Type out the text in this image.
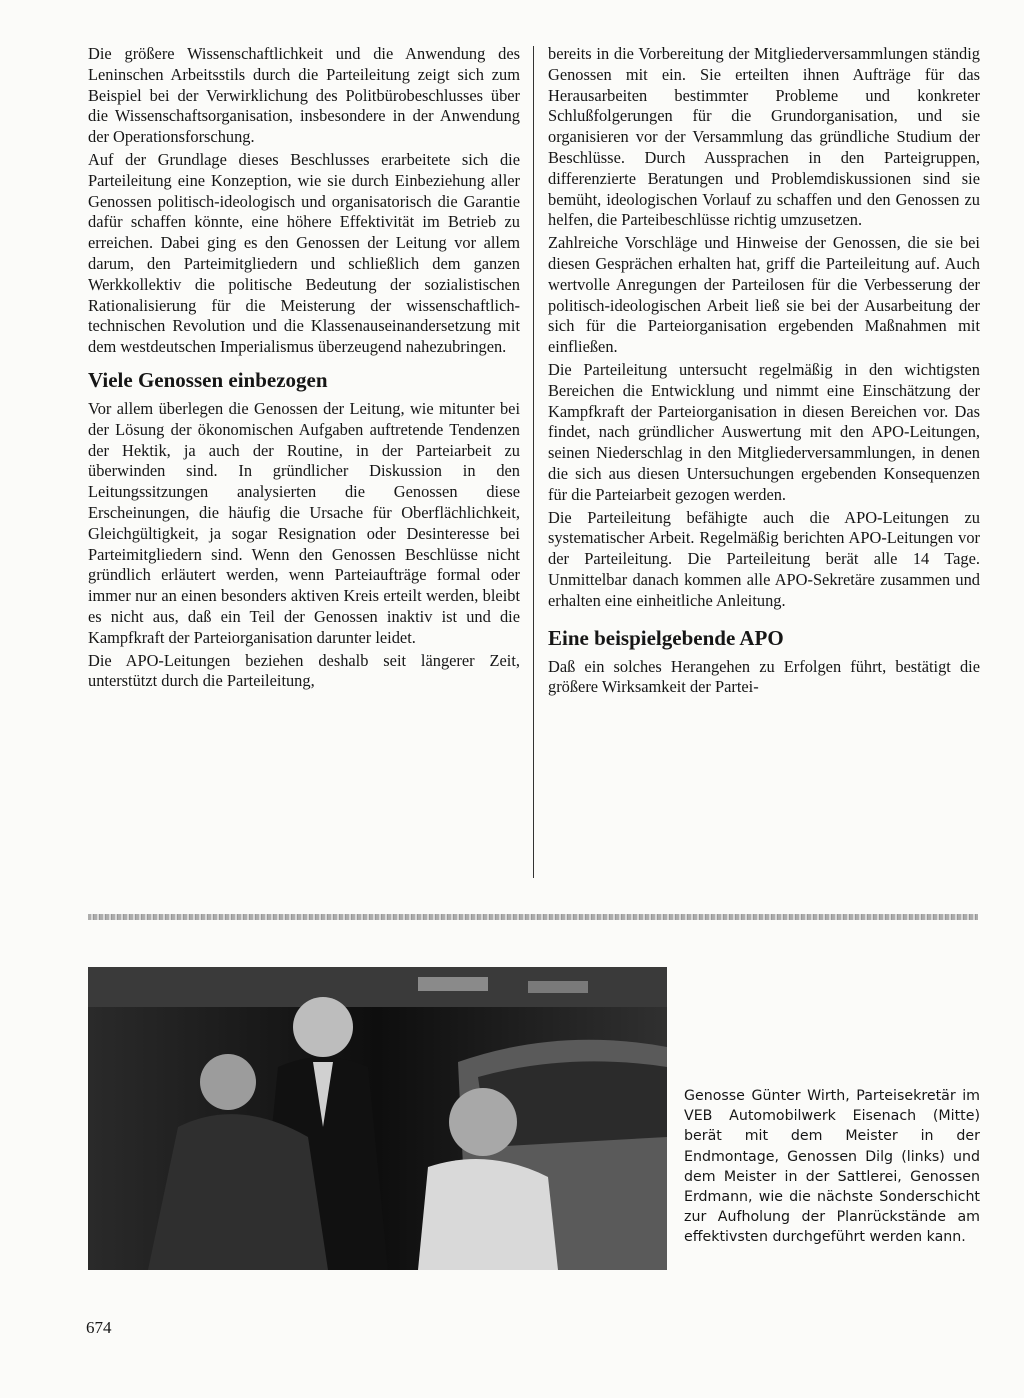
Die größere Wissenschaftlichkeit und die Anwendung des Leninschen Arbeitsstils durch die Parteileitung zeigt sich zum Beispiel bei der Verwirklichung des Politbürobeschlusses über die Wissenschaftsorganisation, insbesondere in der Anwendung der Operationsforschung.

Auf der Grundlage dieses Beschlusses erarbeitete sich die Parteileitung eine Konzeption, wie sie durch Einbeziehung aller Genossen politisch-ideologisch und organisatorisch die Garantie dafür schaffen könnte, eine höhere Effektivität im Betrieb zu erreichen. Dabei ging es den Genossen der Leitung vor allem darum, den Parteimitgliedern und schließlich dem ganzen Werkkollektiv die politische Bedeutung der sozialistischen Rationalisierung für die Meisterung der wissenschaftlich-technischen Revolution und die Klassenauseinandersetzung mit dem westdeutschen Imperialismus überzeugend nahezubringen.

Viele Genossen einbezogen

Vor allem überlegen die Genossen der Leitung, wie mitunter bei der Lösung der ökonomischen Aufgaben auftretende Tendenzen der Hektik, ja auch der Routine, in der Parteiarbeit zu überwinden sind. In gründlicher Diskussion in den Leitungssitzungen analysierten die Genossen diese Erscheinungen, die häufig die Ursache für Oberflächlichkeit, Gleichgültigkeit, ja sogar Resignation oder Desinteresse bei Parteimitgliedern sind. Wenn den Genossen Beschlüsse nicht gründlich erläutert werden, wenn Parteiaufträge formal oder immer nur an einen besonders aktiven Kreis erteilt werden, bleibt es nicht aus, daß ein Teil der Genossen inaktiv ist und die Kampfkraft der Parteiorganisation darunter leidet.

Die APO-Leitungen beziehen deshalb seit längerer Zeit, unterstützt durch die Parteileitung,

bereits in die Vorbereitung der Mitgliederversammlungen ständig Genossen mit ein. Sie erteilten ihnen Aufträge für das Herausarbeiten bestimmter Probleme und konkreter Schlußfolgerungen für die Grundorganisation, und sie organisieren vor der Versammlung das gründliche Studium der Beschlüsse. Durch Aussprachen in den Parteigruppen, differenzierte Beratungen und Problemdiskussionen sind sie bemüht, ideologischen Vorlauf zu schaffen und den Genossen zu helfen, die Parteibeschlüsse richtig umzusetzen.

Zahlreiche Vorschläge und Hinweise der Genossen, die sie bei diesen Gesprächen erhalten hat, griff die Parteileitung auf. Auch wertvolle Anregungen der Parteilosen für die Verbesserung der politisch-ideologischen Arbeit ließ sie bei der Ausarbeitung der sich für die Parteiorganisation ergebenden Maßnahmen mit einfließen.

Die Parteileitung untersucht regelmäßig in den wichtigsten Bereichen die Entwicklung und nimmt eine Einschätzung der Kampfkraft der Parteiorganisation in diesen Bereichen vor. Das findet, nach gründlicher Auswertung mit den APO-Leitungen, seinen Niederschlag in den Mitgliederversammlungen, in denen die sich aus diesen Untersuchungen ergebenden Konsequenzen für die Parteiarbeit gezogen werden.

Die Parteileitung befähigte auch die APO-Leitungen zu systematischer Arbeit. Regelmäßig berichten APO-Leitungen vor der Parteileitung. Die Parteileitung berät alle 14 Tage. Unmittelbar danach kommen alle APO-Sekretäre zusammen und erhalten eine einheitliche Anleitung.

Eine beispielgebende APO

Daß ein solches Herangehen zu Erfolgen führt, bestätigt die größere Wirksamkeit der Partei-

Genosse Günter Wirth, Parteisekretär im VEB Automobilwerk Eisenach (Mitte) berät mit dem Meister in der Endmontage, Genossen Dilg (links) und dem Meister in der Sattlerei, Genossen Erdmann, wie die nächste Sonderschicht zur Aufholung der Planrückstände am effektivsten durchgeführt werden kann.
674
